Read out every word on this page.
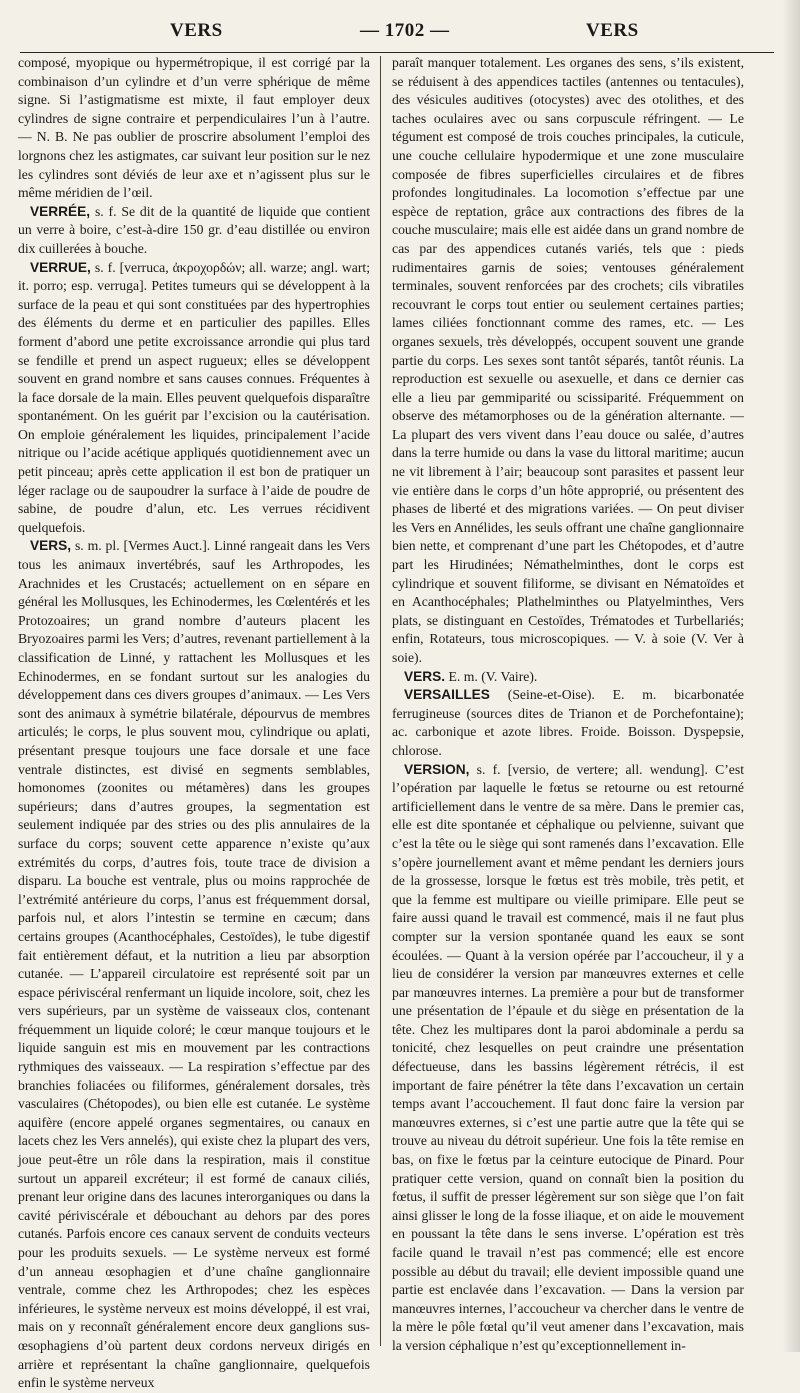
VERS	— 1702 —	VERS

composé, myopique ou hypermétropique, il est corrigé par la combinaison d’un cylindre et d’un verre sphérique de même signe. Si l’astigmatisme est mixte, il faut employer deux cylindres de signe contraire et perpendiculaires l’un à l’autre. — N. B. Ne pas oublier de proscrire absolument l’emploi des lorgnons chez les astigmates, car suivant leur position sur le nez les cylindres sont déviés de leur axe et n’agissent plus sur le même méridien de l’œil.

VERRÉE, s. f. Se dit de la quantité de liquide que contient un verre à boire, c’est-à-dire 150 gr. d’eau distillée ou environ dix cuillerées à bouche.

VERRUE, s. f. [verruca, ἀκροχορδών; all. warze; angl. wart; it. porro; esp. verruga]. Petites tumeurs qui se développent à la surface de la peau et qui sont constituées par des hypertrophies des éléments du derme et en particulier des papilles. Elles forment d’abord une petite excroissance arrondie qui plus tard se fendille et prend un aspect rugueux; elles se développent souvent en grand nombre et sans causes connues. Fréquentes à la face dorsale de la main. Elles peuvent quelquefois disparaître spontanément. On les guérit par l’excision ou la cautérisation. On emploie généralement les liquides, principalement l’acide nitrique ou l’acide acétique appliqués quotidiennement avec un petit pinceau; après cette application il est bon de pratiquer un léger raclage ou de saupoudrer la surface à l’aide de poudre de sabine, de poudre d’alun, etc. Les verrues récidivent quelquefois.

VERS, s. m. pl. [Vermes Auct.]. Linné rangeait dans les Vers tous les animaux invertébrés, sauf les Arthropodes, les Arachnides et les Crustacés; actuellement on en sépare en général les Mollusques, les Echinodermes, les Cœlentérés et les Protozoaires; un grand nombre d’auteurs placent les Bryozoaires parmi les Vers; d’autres, revenant partiellement à la classification de Linné, y rattachent les Mollusques et les Echinodermes, en se fondant surtout sur les analogies du développement dans ces divers groupes d’animaux. — Les Vers sont des animaux à symétrie bilatérale, dépourvus de membres articulés; le corps, le plus souvent mou, cylindrique ou aplati, présentant presque toujours une face dorsale et une face ventrale distinctes, est divisé en segments semblables, homonomes (zoonites ou métamères) dans les groupes supérieurs; dans d’autres groupes, la segmentation est seulement indiquée par des stries ou des plis annulaires de la surface du corps; souvent cette apparence n’existe qu’aux extrémités du corps, d’autres fois, toute trace de division a disparu. La bouche est ventrale, plus ou moins rapprochée de l’extrémité antérieure du corps, l’anus est fréquemment dorsal, parfois nul, et alors l’intestin se termine en cæcum; dans certains groupes (Acanthocéphales, Cestoïdes), le tube digestif fait entièrement défaut, et la nutrition a lieu par absorption cutanée. — L’appareil circulatoire est représenté soit par un espace périviscéral renfermant un liquide incolore, soit, chez les vers supérieurs, par un système de vaisseaux clos, contenant fréquemment un liquide coloré; le cœur manque toujours et le liquide sanguin est mis en mouvement par les contractions rythmiques des vaisseaux. — La respiration s’effectue par des branchies foliacées ou filiformes, généralement dorsales, très vasculaires (Chétopodes), ou bien elle est cutanée. Le système aquifère (encore appelé organes segmentaires, ou canaux en lacets chez les Vers annelés), qui existe chez la plupart des vers, joue peut-être un rôle dans la respiration, mais il constitue surtout un appareil excréteur; il est formé de canaux ciliés, prenant leur origine dans des lacunes interorganiques ou dans la cavité périviscérale et débouchant au dehors par des pores cutanés. Parfois encore ces canaux servent de conduits vecteurs pour les produits sexuels. — Le système nerveux est formé d’un anneau œsophagien et d’une chaîne ganglionnaire ventrale, comme chez les Arthropodes; chez les espèces inférieures, le système nerveux est moins développé, il est vrai, mais on y reconnaît généralement encore deux ganglions sus-œsophagiens d’où partent deux cordons nerveux dirigés en arrière et représentant la chaîne ganglionnaire, quelquefois enfin le système nerveux

paraît manquer totalement. Les organes des sens, s’ils existent, se réduisent à des appendices tactiles (antennes ou tentacules), des vésicules auditives (otocystes) avec des otolithes, et des taches oculaires avec ou sans corpuscule réfringent. — Le tégument est composé de trois couches principales, la cuticule, une couche cellulaire hypodermique et une zone musculaire composée de fibres superficielles circulaires et de fibres profondes longitudinales. La locomotion s’effectue par une espèce de reptation, grâce aux contractions des fibres de la couche musculaire; mais elle est aidée dans un grand nombre de cas par des appendices cutanés variés, tels que : pieds rudimentaires garnis de soies; ventouses généralement terminales, souvent renforcées par des crochets; cils vibratiles recouvrant le corps tout entier ou seulement certaines parties; lames ciliées fonctionnant comme des rames, etc. — Les organes sexuels, très développés, occupent souvent une grande partie du corps. Les sexes sont tantôt séparés, tantôt réunis. La reproduction est sexuelle ou asexuelle, et dans ce dernier cas elle a lieu par gemmiparité ou scissiparité. Fréquemment on observe des métamorphoses ou de la génération alternante. — La plupart des vers vivent dans l’eau douce ou salée, d’autres dans la terre humide ou dans la vase du littoral maritime; aucun ne vit librement à l’air; beaucoup sont parasites et passent leur vie entière dans le corps d’un hôte approprié, ou présentent des phases de liberté et des migrations variées. — On peut diviser les Vers en Annélides, les seuls offrant une chaîne ganglionnaire bien nette, et comprenant d’une part les Chétopodes, et d’autre part les Hirudinées; Némathelminthes, dont le corps est cylindrique et souvent filiforme, se divisant en Nématoïdes et en Acanthocéphales; Plathelminthes ou Platyelminthes, Vers plats, se distinguant en Cestoïdes, Trématodes et Turbellariés; enfin, Rotateurs, tous microscopiques. — V. à soie (V. Ver à soie).

VERS. E. m. (V. Vaire).

VERSAILLES (Seine-et-Oise). E. m. bicarbonatée ferrugineuse (sources dites de Trianon et de Porchefontaine); ac. carbonique et azote libres. Froide. Boisson. Dyspepsie, chlorose.

VERSION, s. f. [versio, de vertere; all. wendung]. C’est l’opération par laquelle le fœtus se retourne ou est retourné artificiellement dans le ventre de sa mère. Dans le premier cas, elle est dite spontanée et céphalique ou pelvienne, suivant que c’est la tête ou le siège qui sont ramenés dans l’excavation. Elle s’opère journellement avant et même pendant les derniers jours de la grossesse, lorsque le fœtus est très mobile, très petit, et que la femme est multipare ou vieille primipare. Elle peut se faire aussi quand le travail est commencé, mais il ne faut plus compter sur la version spontanée quand les eaux se sont écoulées. — Quant à la version opérée par l’accoucheur, il y a lieu de considérer la version par manœuvres externes et celle par manœuvres internes. La première a pour but de transformer une présentation de l’épaule et du siège en présentation de la tête. Chez les multipares dont la paroi abdominale a perdu sa tonicité, chez lesquelles on peut craindre une présentation défectueuse, dans les bassins légèrement rétrécis, il est important de faire pénétrer la tête dans l’excavation un certain temps avant l’accouchement. Il faut donc faire la version par manœuvres externes, si c’est une partie autre que la tête qui se trouve au niveau du détroit supérieur. Une fois la tête remise en bas, on fixe le fœtus par la ceinture eutocique de Pinard. Pour pratiquer cette version, quand on connaît bien la position du fœtus, il suffit de presser légèrement sur son siège que l’on fait ainsi glisser le long de la fosse iliaque, et on aide le mouvement en poussant la tête dans le sens inverse. L’opération est très facile quand le travail n’est pas commencé; elle est encore possible au début du travail; elle devient impossible quand une partie est enclavée dans l’excavation. — Dans la version par manœuvres internes, l’accoucheur va chercher dans le ventre de la mère le pôle fœtal qu’il veut amener dans l’excavation, mais la version céphalique n’est qu’exceptionnellement in-
